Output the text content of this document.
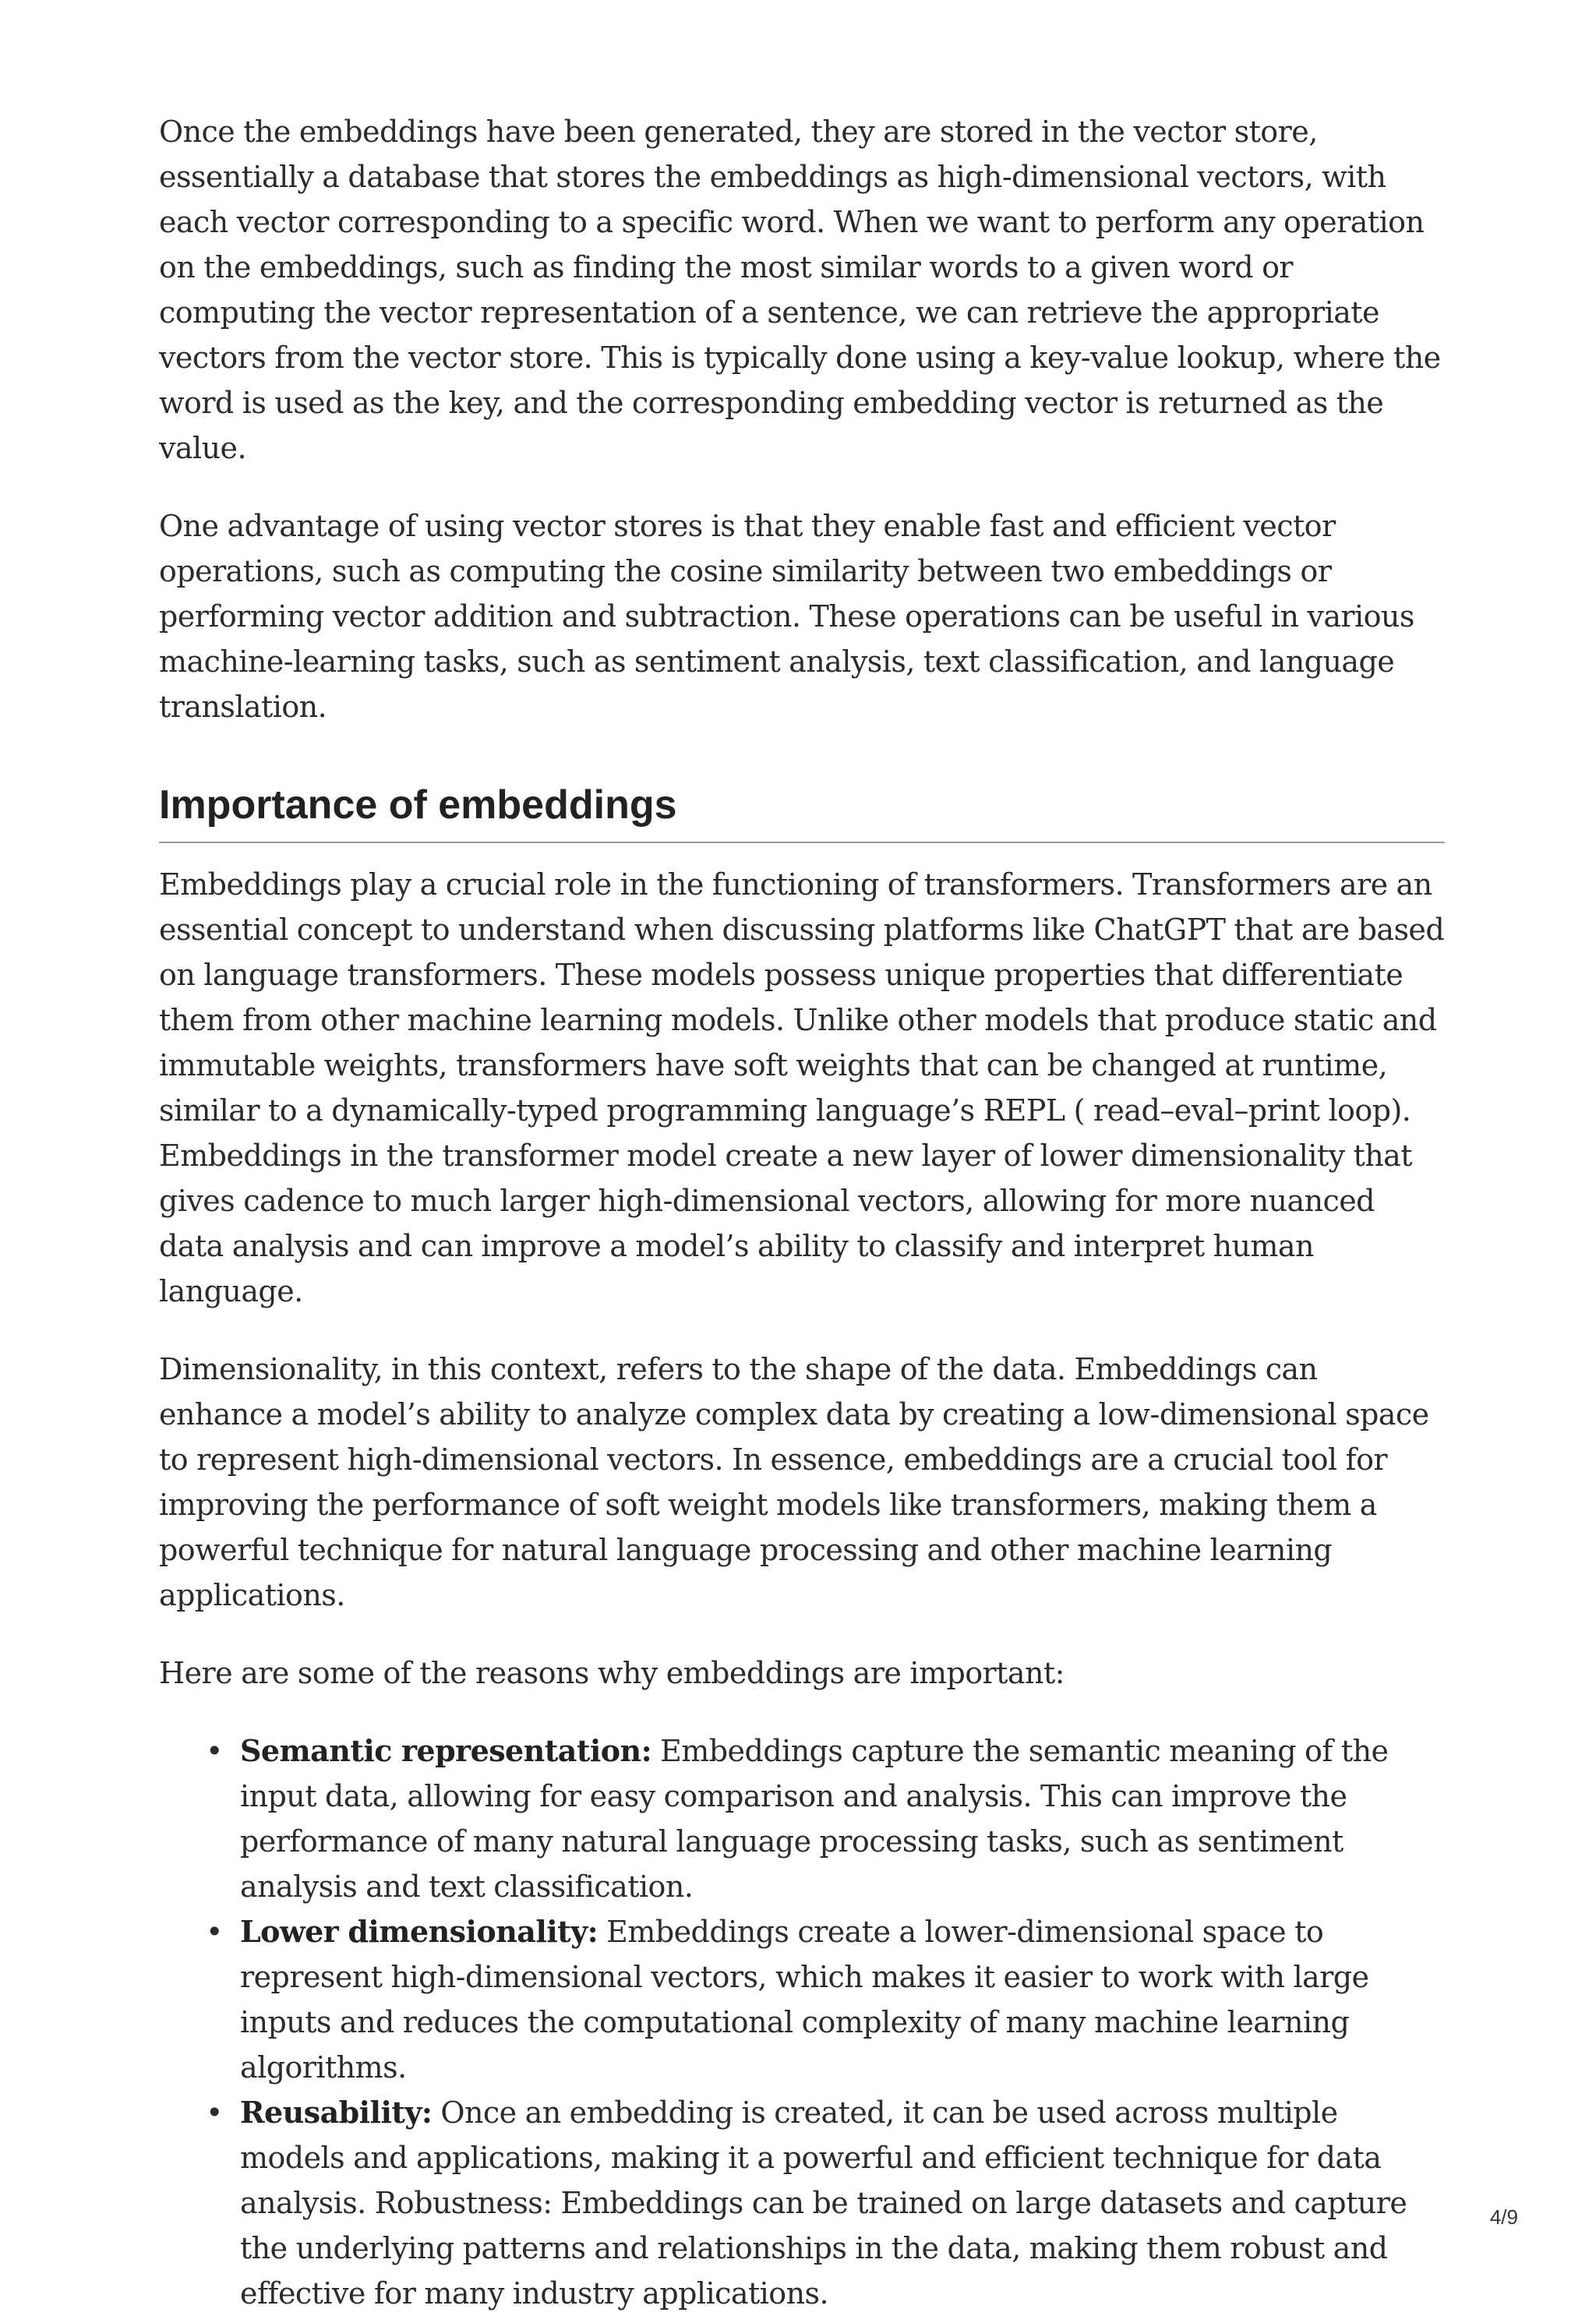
Once the embeddings have been generated, they are stored in the vector store, essentially a database that stores the embeddings as high-dimensional vectors, with each vector corresponding to a specific word. When we want to perform any operation on the embeddings, such as finding the most similar words to a given word or computing the vector representation of a sentence, we can retrieve the appropriate vectors from the vector store. This is typically done using a key-value lookup, where the word is used as the key, and the corresponding embedding vector is returned as the value.

One advantage of using vector stores is that they enable fast and efficient vector operations, such as computing the cosine similarity between two embeddings or performing vector addition and subtraction. These operations can be useful in various machine-learning tasks, such as sentiment analysis, text classification, and language translation.

Importance of embeddings

Embeddings play a crucial role in the functioning of transformers. Transformers are an essential concept to understand when discussing platforms like ChatGPT that are based on language transformers. These models possess unique properties that differentiate them from other machine learning models. Unlike other models that produce static and immutable weights, transformers have soft weights that can be changed at runtime, similar to a dynamically-typed programming language’s REPL ( read–eval–print loop). Embeddings in the transformer model create a new layer of lower dimensionality that gives cadence to much larger high-dimensional vectors, allowing for more nuanced data analysis and can improve a model’s ability to classify and interpret human language.

Dimensionality, in this context, refers to the shape of the data. Embeddings can enhance a model’s ability to analyze complex data by creating a low-dimensional space to represent high-dimensional vectors. In essence, embeddings are a crucial tool for improving the performance of soft weight models like transformers, making them a powerful technique for natural language processing and other machine learning applications.

Here are some of the reasons why embeddings are important:

• Semantic representation: Embeddings capture the semantic meaning of the input data, allowing for easy comparison and analysis. This can improve the performance of many natural language processing tasks, such as sentiment analysis and text classification.
• Lower dimensionality: Embeddings create a lower-dimensional space to represent high-dimensional vectors, which makes it easier to work with large inputs and reduces the computational complexity of many machine learning algorithms.
• Reusability: Once an embedding is created, it can be used across multiple models and applications, making it a powerful and efficient technique for data analysis. Robustness: Embeddings can be trained on large datasets and capture the underlying patterns and relationships in the data, making them robust and effective for many industry applications.
4/9
